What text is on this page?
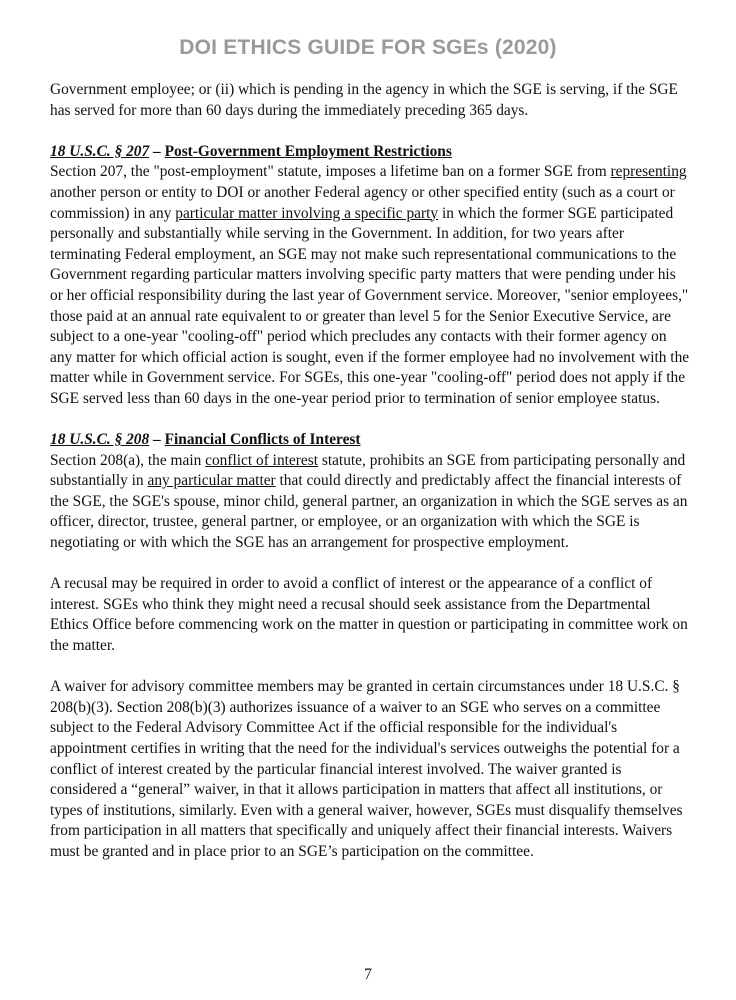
DOI ETHICS GUIDE FOR SGEs (2020)

Government employee; or (ii) which is pending in the agency in which the SGE is serving, if the SGE has served for more than 60 days during the immediately preceding 365 days.

18 U.S.C. § 207 – Post-Government Employment Restrictions

Section 207, the "post-employment" statute, imposes a lifetime ban on a former SGE from representing another person or entity to DOI or another Federal agency or other specified entity (such as a court or commission) in any particular matter involving a specific party in which the former SGE participated personally and substantially while serving in the Government. In addition, for two years after terminating Federal employment, an SGE may not make such representational communications to the Government regarding particular matters involving specific party matters that were pending under his or her official responsibility during the last year of Government service. Moreover, "senior employees," those paid at an annual rate equivalent to or greater than level 5 for the Senior Executive Service, are subject to a one-year "cooling-off" period which precludes any contacts with their former agency on any matter for which official action is sought, even if the former employee had no involvement with the matter while in Government service. For SGEs, this one-year "cooling-off" period does not apply if the SGE served less than 60 days in the one-year period prior to termination of senior employee status.

18 U.S.C. § 208 – Financial Conflicts of Interest

Section 208(a), the main conflict of interest statute, prohibits an SGE from participating personally and substantially in any particular matter that could directly and predictably affect the financial interests of the SGE, the SGE's spouse, minor child, general partner, an organization in which the SGE serves as an officer, director, trustee, general partner, or employee, or an organization with which the SGE is negotiating or with which the SGE has an arrangement for prospective employment.

A recusal may be required in order to avoid a conflict of interest or the appearance of a conflict of interest. SGEs who think they might need a recusal should seek assistance from the Departmental Ethics Office before commencing work on the matter in question or participating in committee work on the matter.

A waiver for advisory committee members may be granted in certain circumstances under 18 U.S.C. § 208(b)(3). Section 208(b)(3) authorizes issuance of a waiver to an SGE who serves on a committee subject to the Federal Advisory Committee Act if the official responsible for the individual's appointment certifies in writing that the need for the individual's services outweighs the potential for a conflict of interest created by the particular financial interest involved. The waiver granted is considered a “general” waiver, in that it allows participation in matters that affect all institutions, or types of institutions, similarly. Even with a general waiver, however, SGEs must disqualify themselves from participation in all matters that specifically and uniquely affect their financial interests. Waivers must be granted and in place prior to an SGE’s participation on the committee.

7
